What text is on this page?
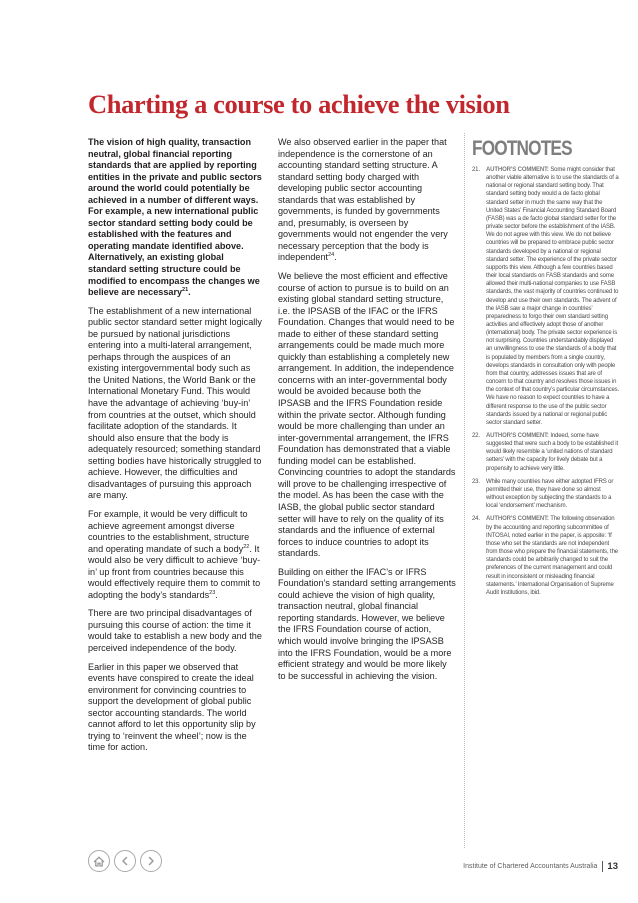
Charting a course to achieve the vision

The vision of high quality, transaction neutral, global financial reporting standards that are applied by reporting entities in the private and public sectors around the world could potentially be achieved in a number of different ways. For example, a new international public sector standard setting body could be established with the features and operating mandate identified above. Alternatively, an existing global standard setting structure could be modified to encompass the changes we believe are necessary$^{21}$.

The establishment of a new international public sector standard setter might logically be pursued by national jurisdictions entering into a multi-lateral arrangement, perhaps through the auspices of an existing intergovernmental body such as the United Nations, the World Bank or the International Monetary Fund. This would have the advantage of achieving ‘buy-in’ from countries at the outset, which should facilitate adoption of the standards. It should also ensure that the body is adequately resourced; something standard setting bodies have historically struggled to achieve. However, the difficulties and disadvantages of pursuing this approach are many.

For example, it would be very difficult to achieve agreement amongst diverse countries to the establishment, structure and operating mandate of such a body$^{22}$. It would also be very difficult to achieve ‘buy-in’ up front from countries because this would effectively require them to commit to adopting the body’s standards$^{23}$.

There are two principal disadvantages of pursuing this course of action: the time it would take to establish a new body and the perceived independence of the body.

Earlier in this paper we observed that events have conspired to create the ideal environment for convincing countries to support the development of global public sector accounting standards. The world cannot afford to let this opportunity slip by trying to ‘reinvent the wheel’; now is the time for action.

We also observed earlier in the paper that independence is the cornerstone of an accounting standard setting structure. A standard setting body charged with developing public sector accounting standards that was established by governments, is funded by governments and, presumably, is overseen by governments would not engender the very necessary perception that the body is independent$^{24}$.

We believe the most efficient and effective course of action to pursue is to build on an existing global standard setting structure, i.e. the IPSASB of the IFAC or the IFRS Foundation. Changes that would need to be made to either of these standard setting arrangements could be made much more quickly than establishing a completely new arrangement. In addition, the independence concerns with an inter-governmental body would be avoided because both the IPSASB and the IFRS Foundation reside within the private sector. Although funding would be more challenging than under an inter-governmental arrangement, the IFRS Foundation has demonstrated that a viable funding model can be established. Convincing countries to adopt the standards will prove to be challenging irrespective of the model. As has been the case with the IASB, the global public sector standard setter will have to rely on the quality of its standards and the influence of external forces to induce countries to adopt its standards.

Building on either the IFAC’s or IFRS Foundation’s standard setting arrangements could achieve the vision of high quality, transaction neutral, global financial reporting standards. However, we believe the IFRS Foundation course of action, which would involve bringing the IPSASB into the IFRS Foundation, would be a more efficient strategy and would be more likely to be successful in achieving the vision.

FOOTNOTES
21. AUTHOR’S COMMENT: Some might consider that another viable alternative is to use the standards of a national or regional standard setting body. That standard setting body would a de facto global standard setter in much the same way that the United States’ Financial Accounting Standard Board (FASB) was a de facto global standard setter for the private sector before the establishment of the IASB. We do not agree with this view. We do not believe countries will be prepared to embrace public sector standards developed by a national or regional standard setter. The experience of the private sector supports this view. Although a few countries based their local standards on FASB standards and some allowed their multi-national companies to use FASB standards, the vast majority of countries continued to develop and use their own standards. The advent of the IASB saw a major change in countries’ preparedness to forgo their own standard setting activities and effectively adopt those of another (international) body. The private sector experience is not surprising. Countries understandably displayed an unwillingness to use the standards of a body that is populated by members from a single country, develops standards in consultation only with people from that country, addresses issues that are of concern to that country and resolves those issues in the context of that country’s particular circumstances. We have no reason to expect countries to have a different response to the use of the public sector standards issued by a national or regional public sector standard setter.
22. AUTHOR’S COMMENT: Indeed, some have suggested that were such a body to be established it would likely resemble a ‘united nations of standard setters’ with the capacity for lively debate but a propensity to achieve very little.
23. While many countries have either adopted IFRS or permitted their use, they have done so almost without exception by subjecting the standards to a local ‘endorsement’ mechanism.
24. AUTHOR’S COMMENT: The following observation by the accounting and reporting subcommittee of INTOSAI, noted earlier in the paper, is apposite: ‘If those who set the standards are not independent from those who prepare the financial statements, the standards could be arbitrarily changed to suit the preferences of the current management and could result in inconsistent or misleading financial statements.’ International Organisation of Supreme Audit Institutions, ibid.
Institute of Chartered Accountants Australia 13
